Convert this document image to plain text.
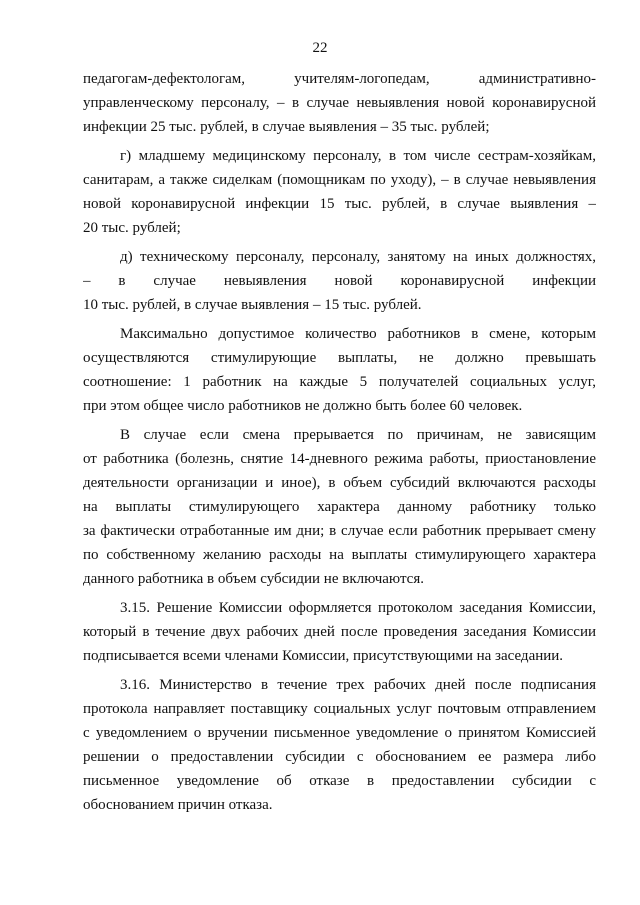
22
педагогам-дефектологам, учителям-логопедам, административно-
управленческому персоналу, – в случае невыявления новой коронавирусной
инфекции 25 тыс. рублей, в случае выявления – 35 тыс. рублей;
г) младшему медицинскому персоналу, в том числе сестрам-хозяйкам,
санитарам, а также сиделкам (помощникам по уходу), – в случае невыявления
новой коронавирусной инфекции 15 тыс. рублей, в случае выявления –
20 тыс. рублей;
д) техническому персоналу, персоналу, занятому на иных должностях,
– в случае невыявления новой коронавирусной инфекции
10 тыс. рублей, в случае выявления – 15 тыс. рублей.
Максимально допустимое количество работников в смене, которым
осуществляются стимулирующие выплаты, не должно превышать
соотношение: 1 работник на каждые 5 получателей социальных услуг,
при этом общее число работников не должно быть более 60 человек.
В случае если смена прерывается по причинам, не зависящим
от работника (болезнь, снятие 14-дневного режима работы, приостановление
деятельности организации и иное), в объем субсидий включаются расходы
на выплаты стимулирующего характера данному работнику только
за фактически отработанные им дни; в случае если работник прерывает смену
по собственному желанию расходы на выплаты стимулирующего характера
данного работника в объем субсидии не включаются.
3.15. Решение Комиссии оформляется протоколом заседания Комиссии,
который в течение двух рабочих дней после проведения заседания Комиссии
подписывается всеми членами Комиссии, присутствующими на заседании.
3.16. Министерство в течение трех рабочих дней после подписания
протокола направляет поставщику социальных услуг почтовым отправлением
с уведомлением о вручении письменное уведомление о принятом Комиссией
решении о предоставлении субсидии с обоснованием ее размера либо
письменное уведомление об отказе в предоставлении субсидии с
обоснованием причин отказа.
